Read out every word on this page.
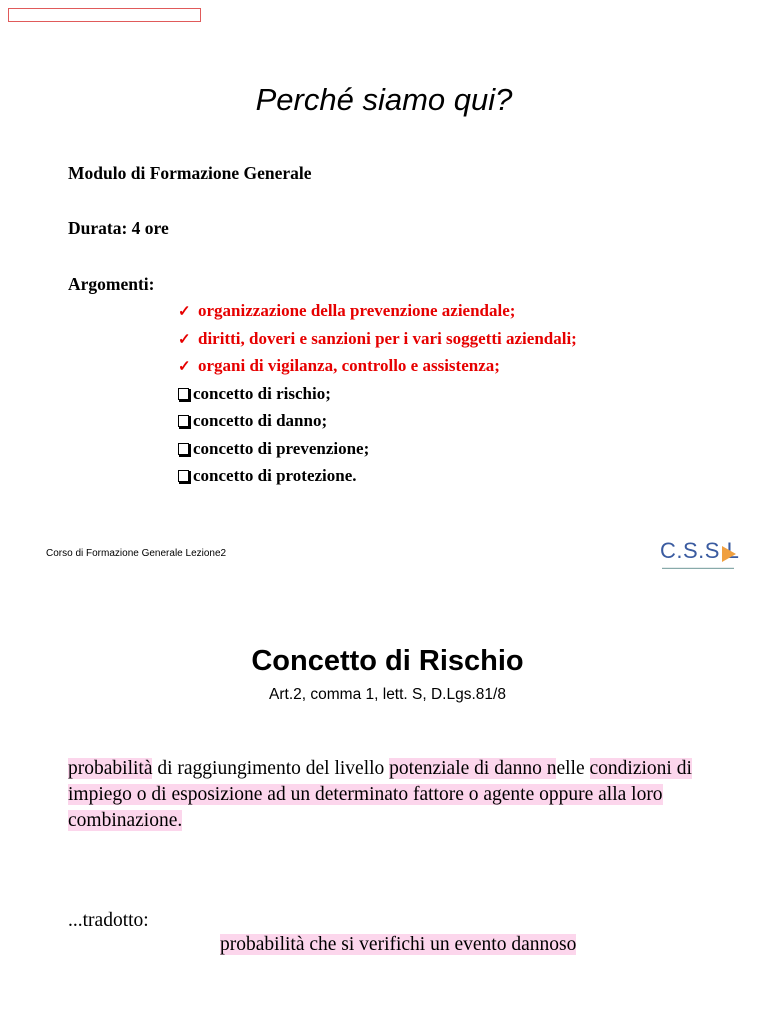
Perché siamo qui?
Modulo di Formazione Generale
Durata: 4 ore
Argomenti:
✓ organizzazione della prevenzione aziendale;
✓ diritti, doveri e sanzioni per i vari soggetti aziendali;
✓ organi di vigilanza, controllo e assistenza;
concetto di rischio;
concetto di danno;
concetto di prevenzione;
concetto di protezione.
Corso di Formazione Generale Lezione2	C.S.S.L
▬▬▬▬▬▬▬▬▬▬▬▬▬▬▬▬▬▬
Concetto di Rischio
Art.2, comma 1, lett. S, D.Lgs.81/8
probabilità di raggiungimento del livello potenziale di danno nelle condizioni di impiego o di esposizione ad un determinato fattore o agente oppure alla loro combinazione.
...tradotto:
probabilità che si verifichi un evento dannoso
